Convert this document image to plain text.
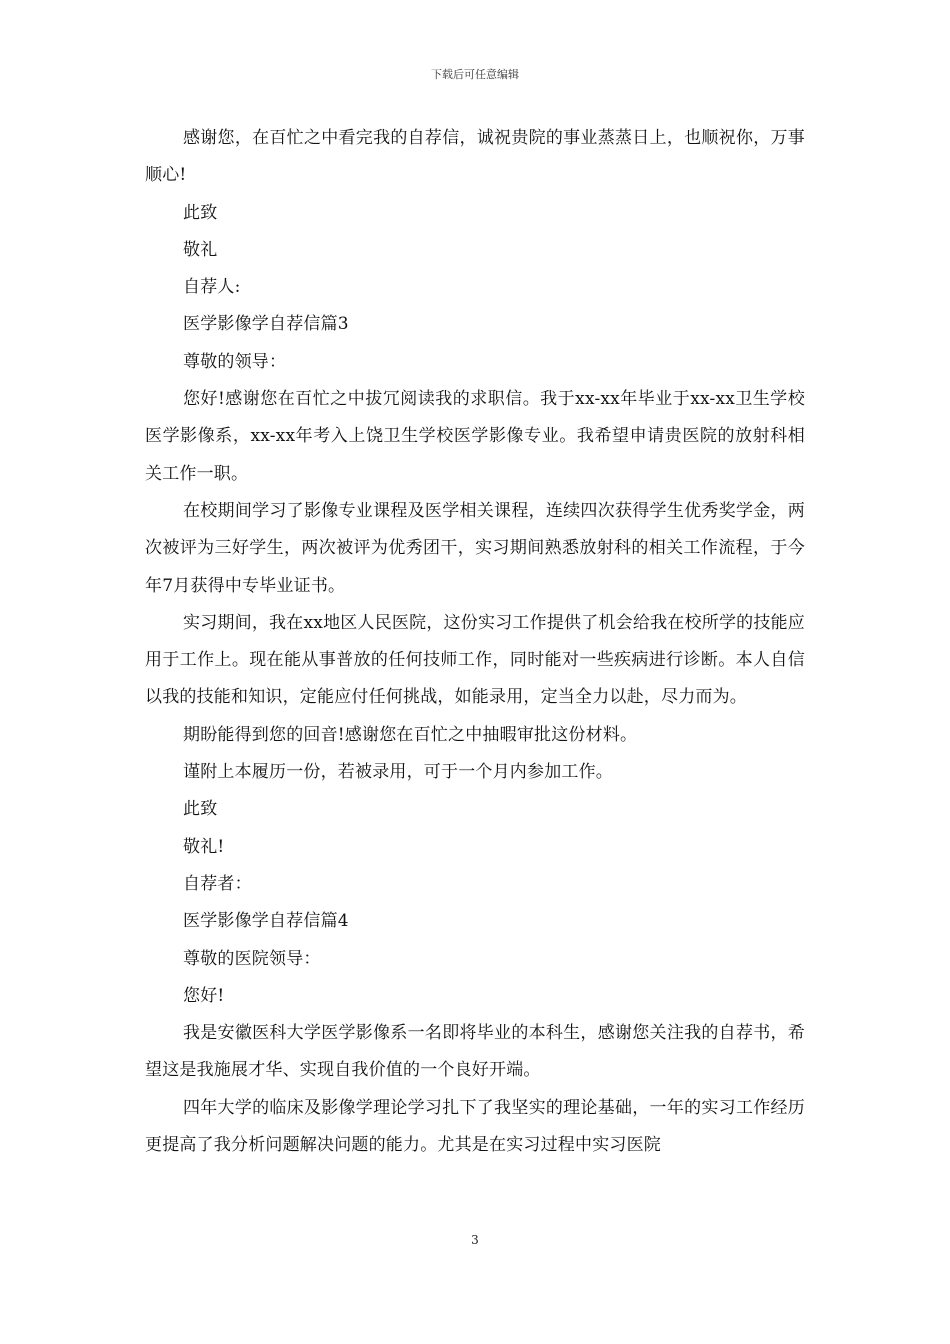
下载后可任意编辑

感谢您，在百忙之中看完我的自荐信，诚祝贵院的事业蒸蒸日上，也顺祝你，万事顺心!

此致

敬礼

自荐人:

医学影像学自荐信篇3

尊敬的领导：

您好!感谢您在百忙之中拔冗阅读我的求职信。我于xx-xx年毕业于xx-xx卫生学校医学影像系，xx-xx年考入上饶卫生学校医学影像专业。我希望申请贵医院的放射科相关工作一职。

在校期间学习了影像专业课程及医学相关课程，连续四次获得学生优秀奖学金，两次被评为三好学生，两次被评为优秀团干，实习期间熟悉放射科的相关工作流程，于今年7月获得中专毕业证书。

实习期间，我在xx地区人民医院，这份实习工作提供了机会给我在校所学的技能应用于工作上。现在能从事普放的任何技师工作，同时能对一些疾病进行诊断。本人自信以我的技能和知识，定能应付任何挑战，如能录用，定当全力以赴，尽力而为。

期盼能得到您的回音!感谢您在百忙之中抽暇审批这份材料。

谨附上本履历一份，若被录用，可于一个月内参加工作。

此致

敬礼!

自荐者：

医学影像学自荐信篇4

尊敬的医院领导：

您好!

我是安徽医科大学医学影像系一名即将毕业的本科生，感谢您关注我的自荐书，希望这是我施展才华、实现自我价值的一个良好开端。

四年大学的临床及影像学理论学习扎下了我坚实的理论基础，一年的实习工作经历更提高了我分析问题解决问题的能力。尤其是在实习过程中实习医院

3
